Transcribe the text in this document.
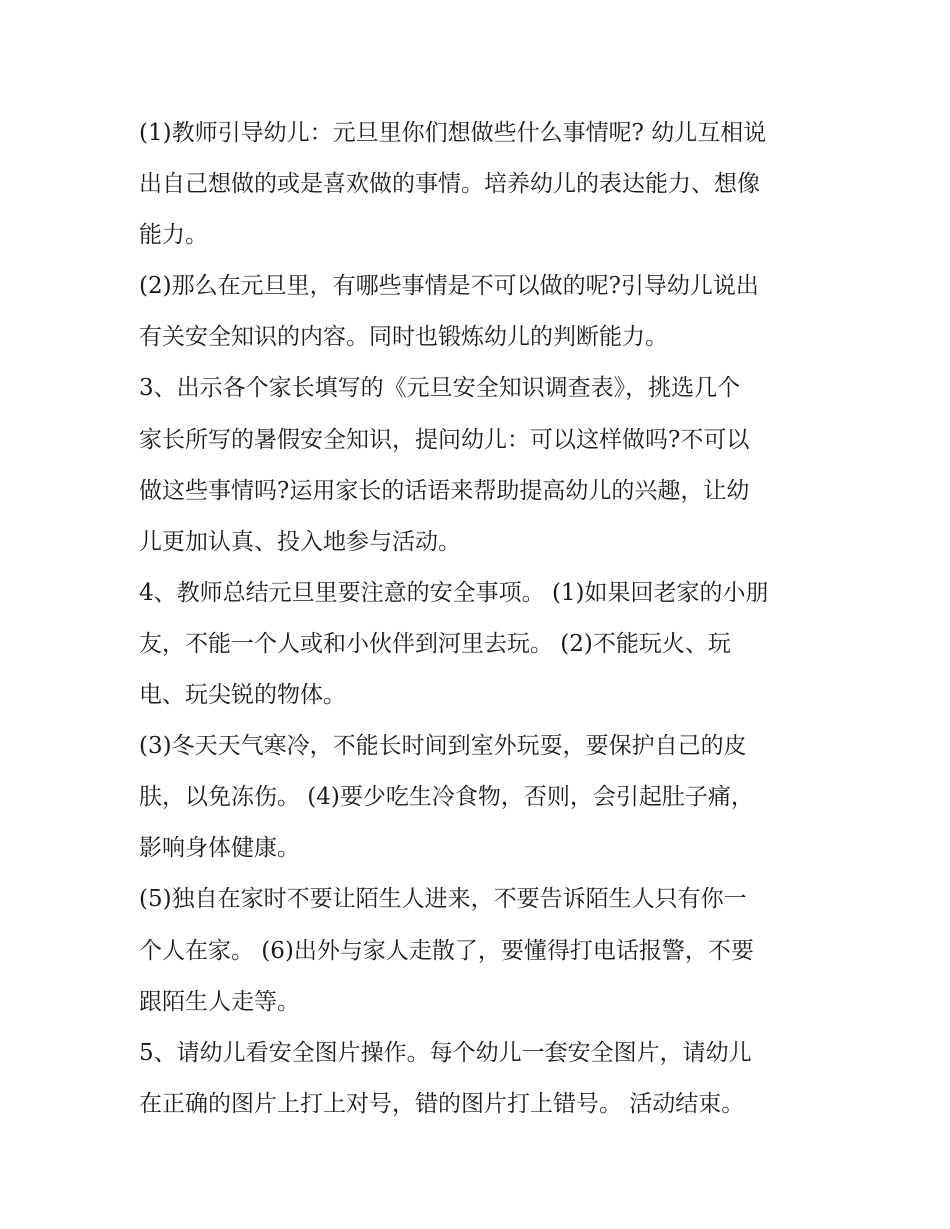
(1)教师引导幼儿：元旦里你们想做些什么事情呢? 幼儿互相说
出自己想做的或是喜欢做的事情。培养幼儿的表达能力、想像
能力。
(2)那么在元旦里，有哪些事情是不可以做的呢?引导幼儿说出
有关安全知识的内容。同时也锻炼幼儿的判断能力。
3、出示各个家长填写的《元旦安全知识调查表》，挑选几个
家长所写的暑假安全知识，提问幼儿：可以这样做吗?不可以
做这些事情吗?运用家长的话语来帮助提高幼儿的兴趣，让幼
儿更加认真、投入地参与活动。
4、教师总结元旦里要注意的安全事项。 (1)如果回老家的小朋
友，不能一个人或和小伙伴到河里去玩。 (2)不能玩火、玩
电、玩尖锐的物体。
(3)冬天天气寒冷，不能长时间到室外玩耍，要保护自己的皮
肤，以免冻伤。 (4)要少吃生冷食物，否则，会引起肚子痛，
影响身体健康。
(5)独自在家时不要让陌生人进来，不要告诉陌生人只有你一
个人在家。 (6)出外与家人走散了，要懂得打电话报警，不要
跟陌生人走等。
5、请幼儿看安全图片操作。每个幼儿一套安全图片，请幼儿
在正确的图片上打上对号，错的图片打上错号。 活动结束。
